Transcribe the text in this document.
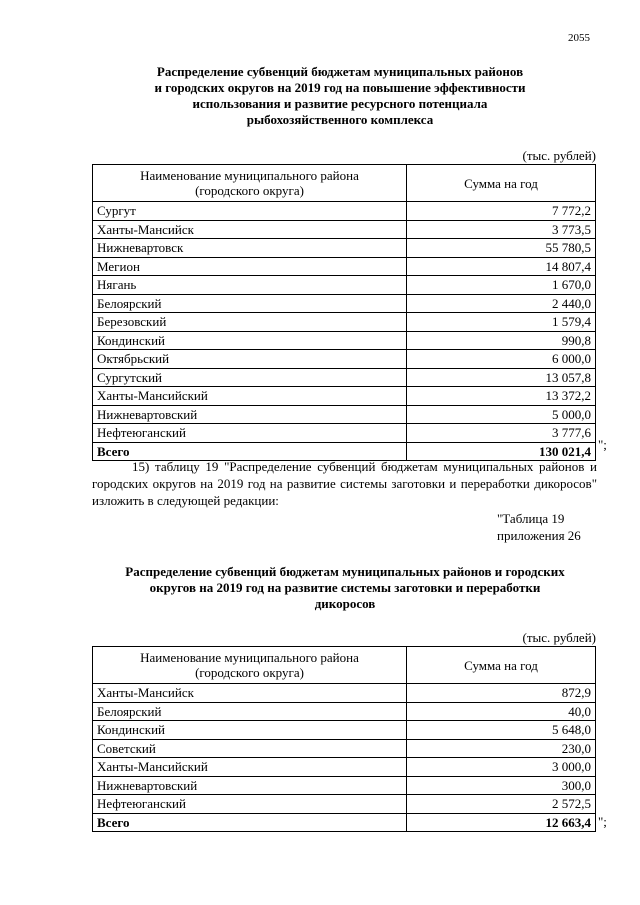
2055
Распределение субвенций бюджетам муниципальных районов
и городских округов на 2019 год на повышение эффективности
использования и развитие ресурсного потенциала
рыбохозяйственного комплекса
(тыс. рублей)
Наименование муниципального района
(городского округа)	Сумма на год
Сургут	7 772,2
Ханты-Мансийск	3 773,5
Нижневартовск	55 780,5
Мегион	14 807,4
Нягань	1 670,0
Белоярский	2 440,0
Березовский	1 579,4
Кондинский	990,8
Октябрьский	6 000,0
Сургутский	13 057,8
Ханты-Мансийский	13 372,2
Нижневартовский	5 000,0
Нефтеюганский	3 777,6
Всего	130 021,4 ";
15) таблицу 19 "Распределение субвенций бюджетам муниципальных районов и городских округов на 2019 год на развитие системы заготовки и переработки дикоросов" изложить в следующей редакции:
"Таблица 19
приложения 26
Распределение субвенций бюджетам муниципальных районов и городских
округов на 2019 год на развитие системы заготовки и переработки
дикоросов
(тыс. рублей)
Наименование муниципального района
(городского округа)	Сумма на год
Ханты-Мансийск	872,9
Белоярский	40,0
Кондинский	5 648,0
Советский	230,0
Ханты-Мансийский	3 000,0
Нижневартовский	300,0
Нефтеюганский	2 572,5
Всего	12 663,4 ";
